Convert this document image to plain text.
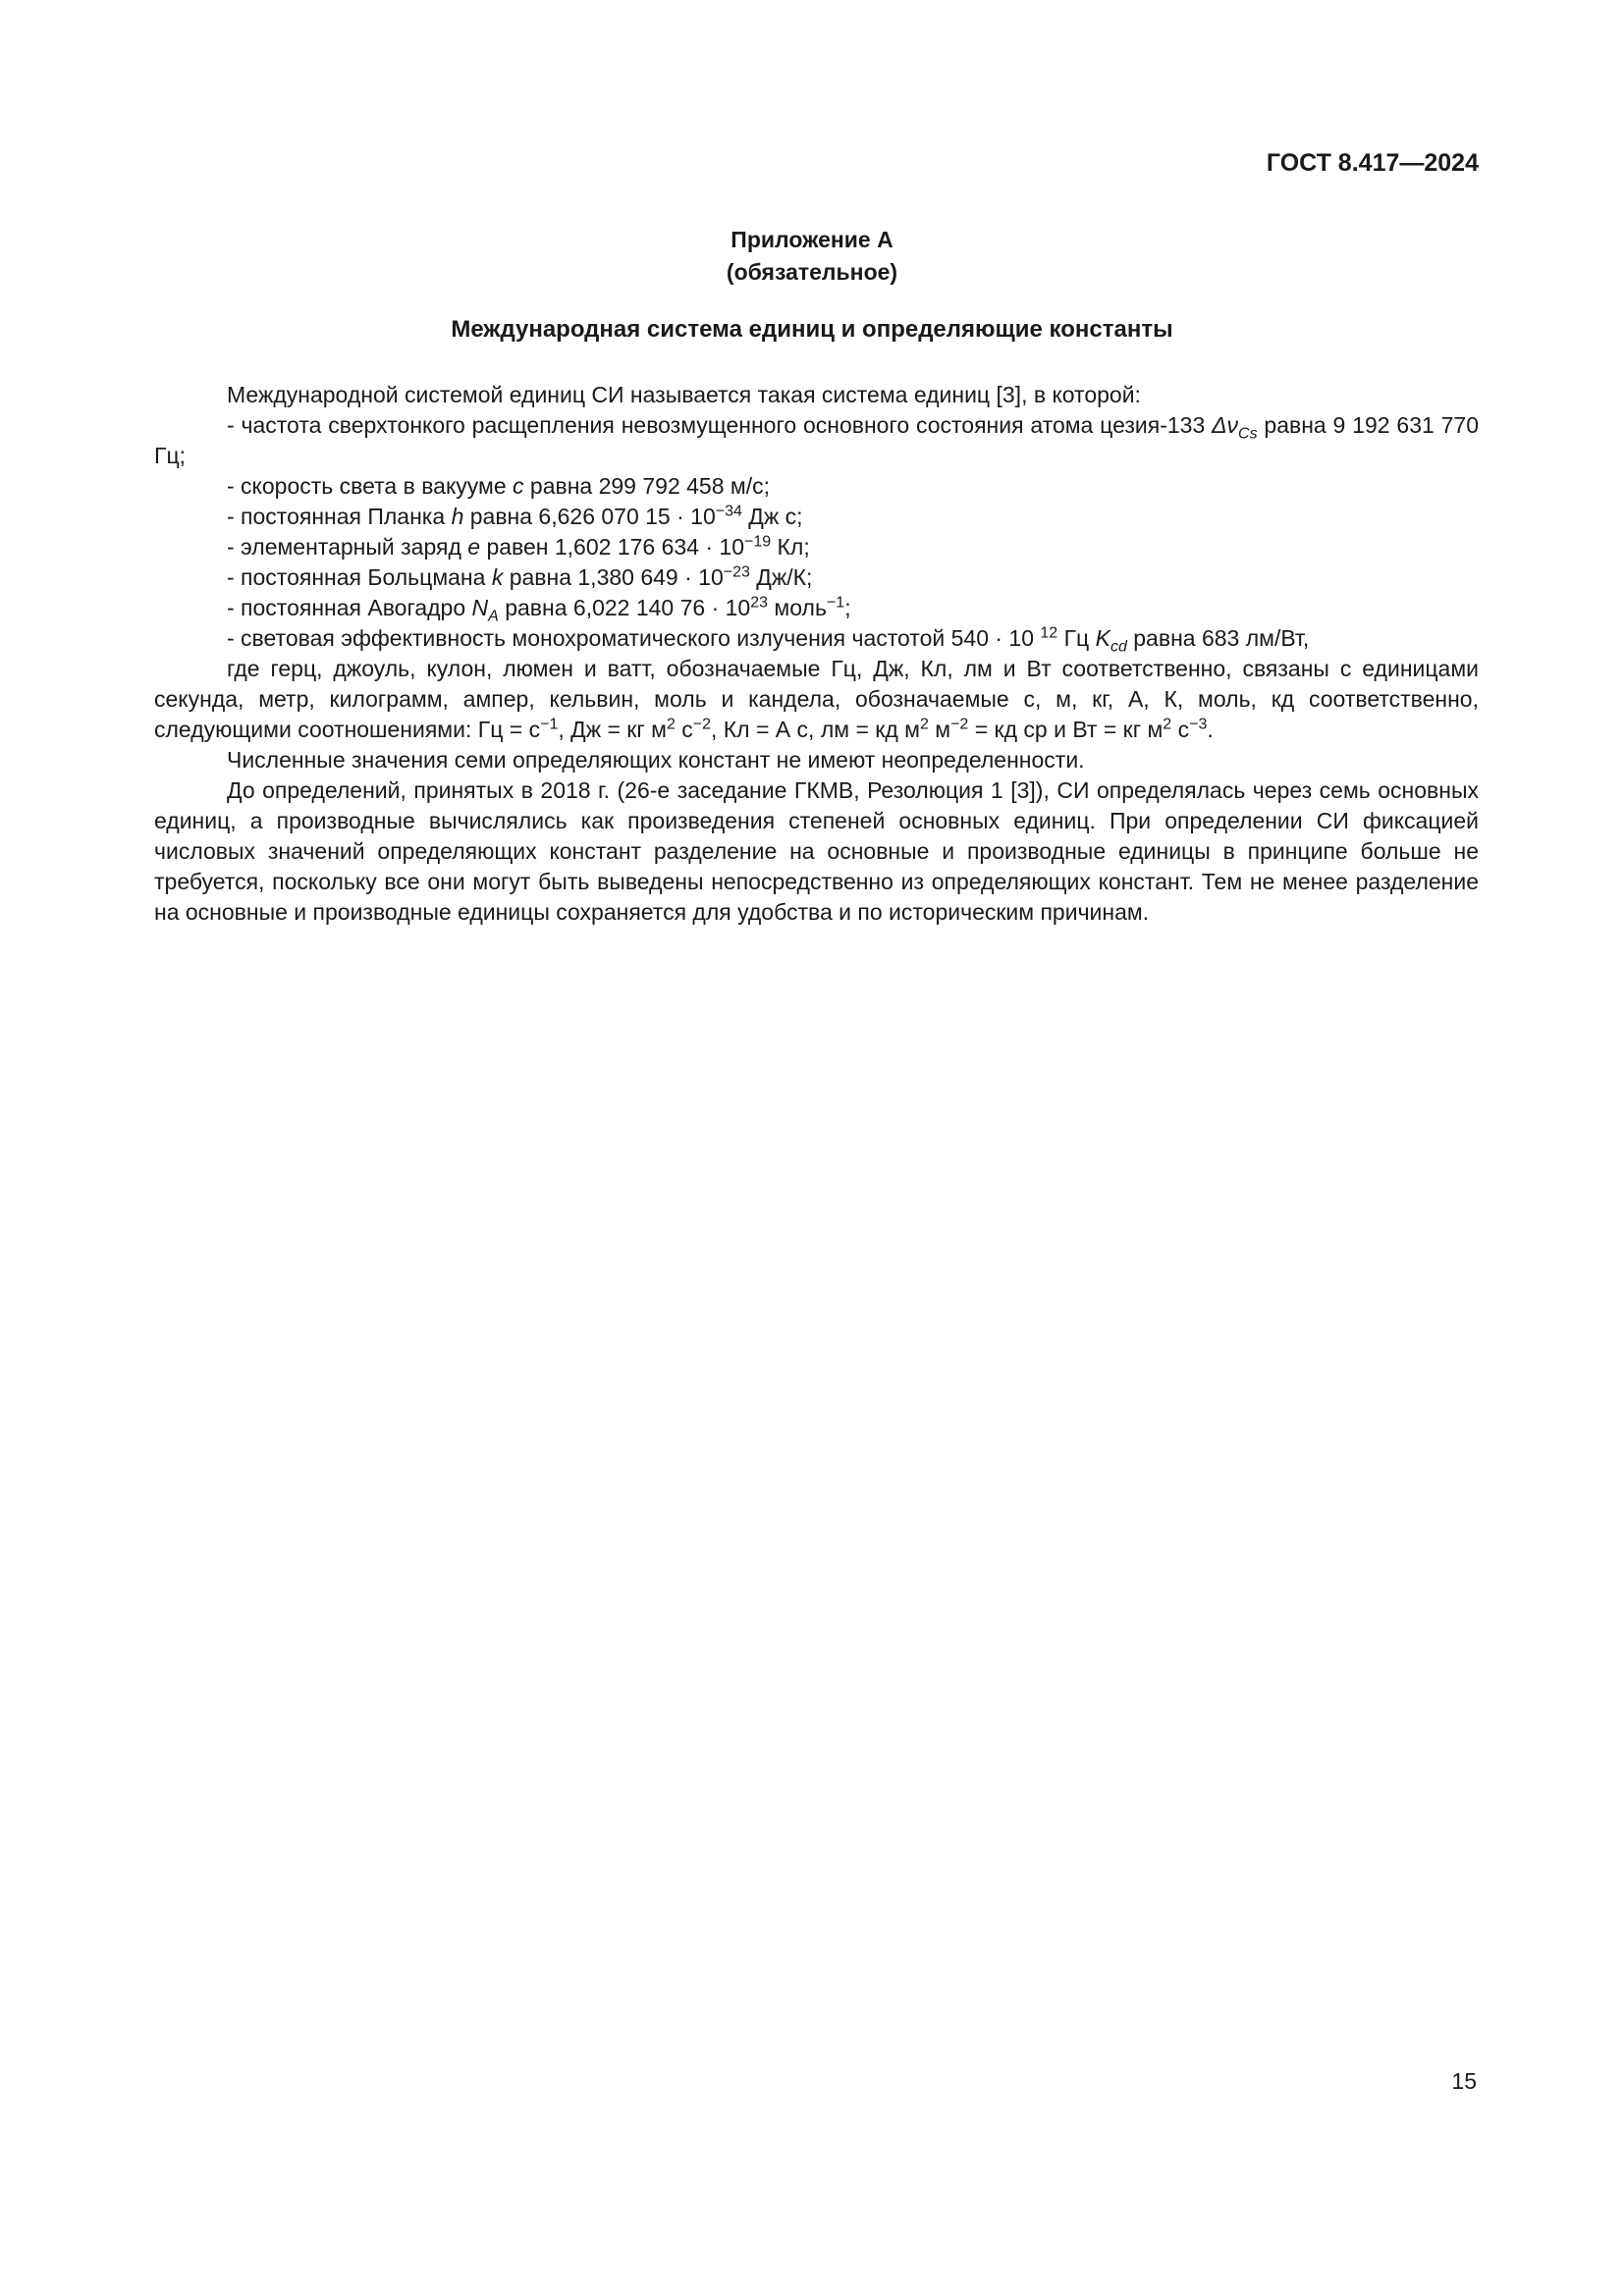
ГОСТ 8.417—2024
Приложение А
(обязательное)
Международная система единиц и определяющие константы

Международной системой единиц СИ называется такая система единиц [3], в которой:

- частота сверхтонкого расщепления невозмущенного основного состояния атома цезия-133 $\Delta\nu_{Cs}$ равна 9 192 631 770 Гц;

- скорость света в вакууме c равна 299 792 458 м/с;

- постоянная Планка h равна 6,626 070 $15 \cdot 10^{-34}$ Дж с;

- элементарный заряд e равен 1,602 176 $634 \cdot 10^{-19}$ Кл;

- постоянная Больцмана k равна 1,380 $649 \cdot 10^{-23}$ Дж/К;

- постоянная Авогадро $N_A$ равна 6,022 140 $76 \cdot 10^{23}$ моль$^{-1}$;

- световая эффективность монохроматического излучения частотой 540 · 10 $^{12}$ Гц $K_{cd}$ равна 683 лм/Вт,

где герц, джоуль, кулон, люмен и ватт, обозначаемые Гц, Дж, Кл, лм и Вт соответственно, связаны с единицами секунда, метр, килограмм, ампер, кельвин, моль и кандела, обозначаемые с, м, кг, А, К, моль, кд соответственно, следующими соотношениями: Гц = $с^{-1}$, Дж = кг $м^2$ $с^{-2}$, Кл = А с, лм = кд $м^2$ $м^{-2}$ = кд ср и Вт = кг $м^2$ $с^{-3}$.

Численные значения семи определяющих констант не имеют неопределенности.

До определений, принятых в 2018 г. (26-е заседание ГКМВ, Резолюция 1 [3]), СИ определялась через семь основных единиц, а производные вычислялись как произведения степеней основных единиц. При определении СИ фиксацией числовых значений определяющих констант разделение на основные и производные единицы в принципе больше не требуется, поскольку все они могут быть выведены непосредственно из определяющих констант. Тем не менее разделение на основные и производные единицы сохраняется для удобства и по историческим причинам.

15
